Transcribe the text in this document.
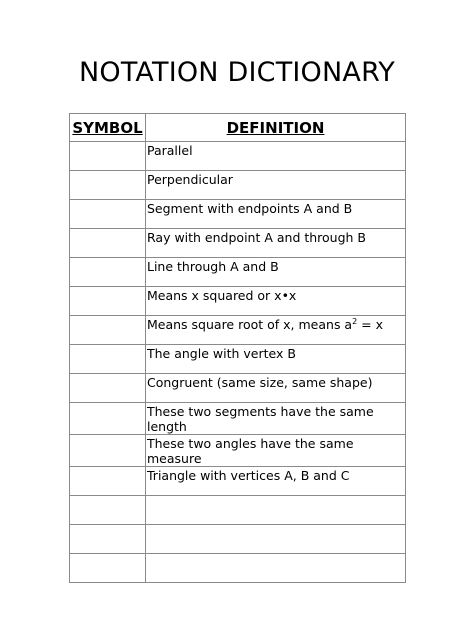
NOTATION DICTIONARY
SYMBOL	DEFINITION
	Parallel
	Perpendicular
	Segment with endpoints A and B
	Ray with endpoint A and through B
	Line through A and B
	Means x squared or x•x
	Means square root of x, means $a^2 = x$
	The angle with vertex B
	Congruent (same size, same shape)
	These two segments have the same length
	These two angles have the same measure
	Triangle with vertices A, B and C
